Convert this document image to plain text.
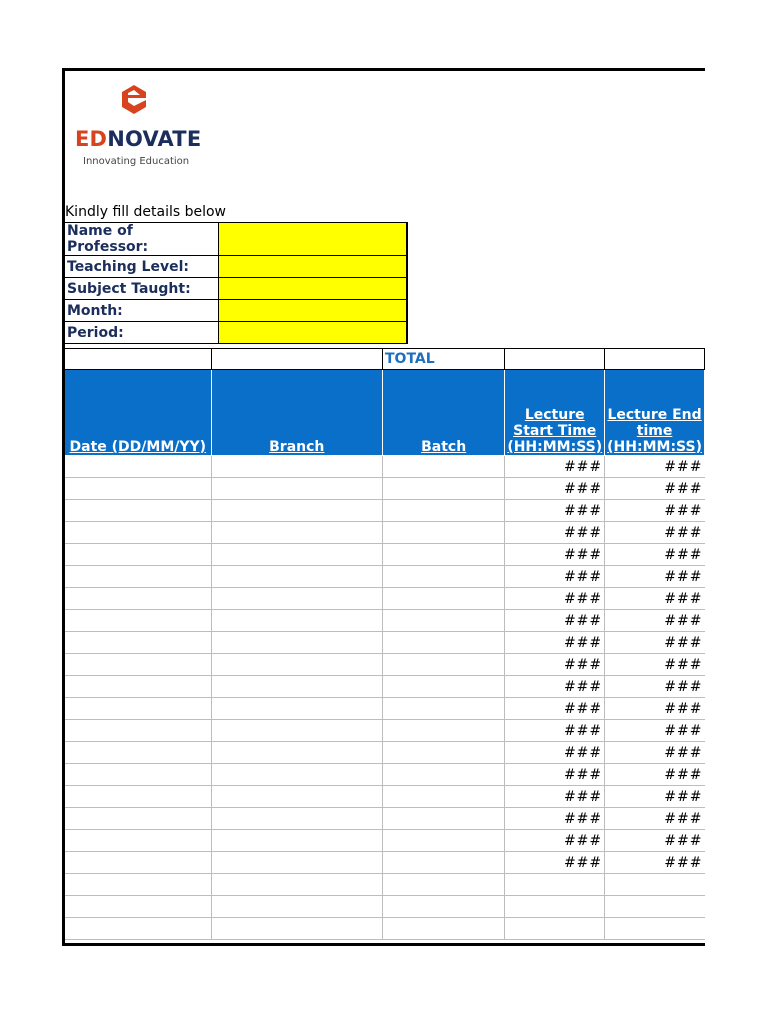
EDNOVATE
Innovating Education
Kindly fill details below
Name of Professor:	
Teaching Level:	
Subject Taught:	
Month:	
Period:	

		TOTAL		
Date (DD/MM/YY)	Branch	Batch	Lecture Start Time (HH:MM:SS)	Lecture End time (HH:MM:SS)
			###	###
			###	###
			###	###
			###	###
			###	###
			###	###
			###	###
			###	###
			###	###
			###	###
			###	###
			###	###
			###	###
			###	###
			###	###
			###	###
			###	###
			###	###
			###	###
